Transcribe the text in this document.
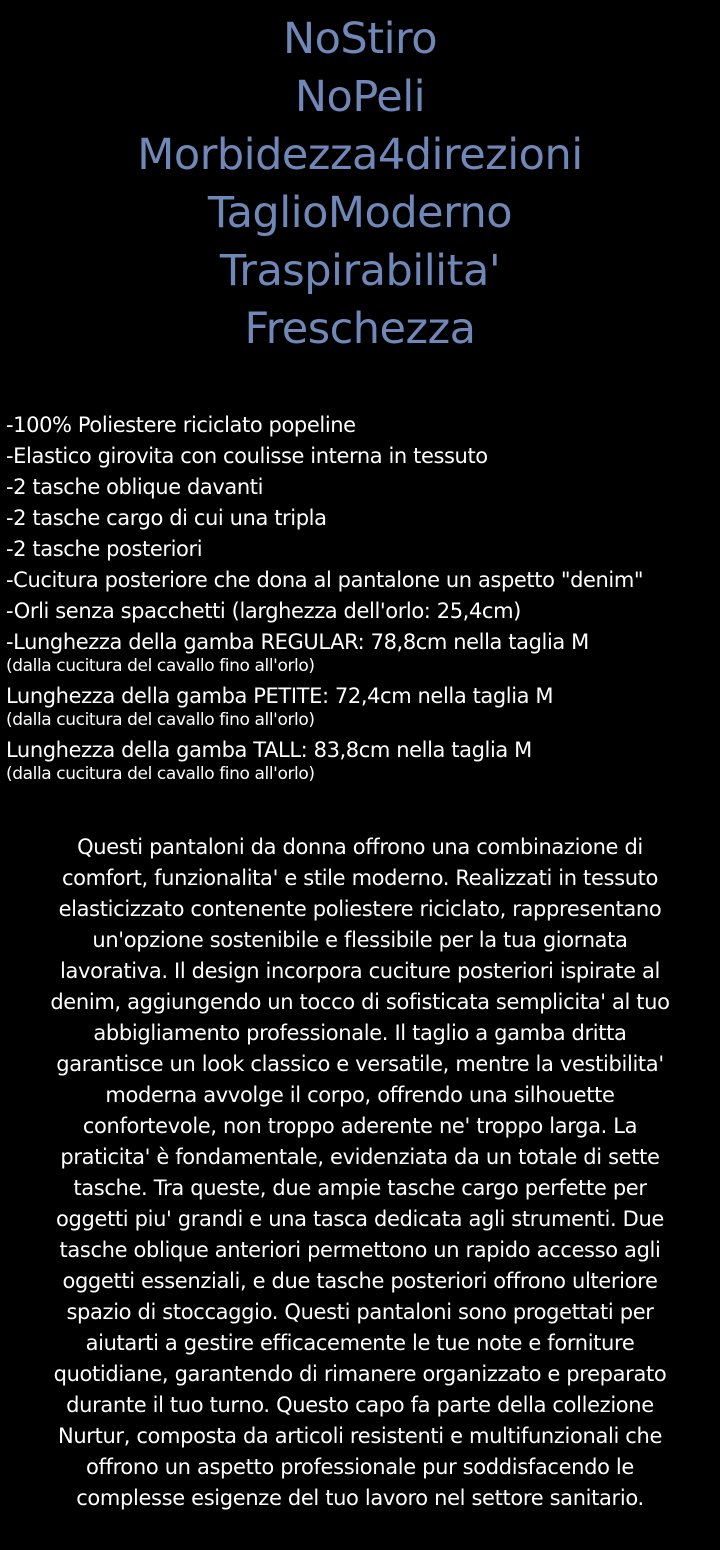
NoStiro
NoPeli
Morbidezza4direzioni
TaglioModerno
Traspirabilita'
Freschezza
-100% Poliestere riciclato popeline
-Elastico girovita con coulisse interna in tessuto
-2 tasche oblique davanti
-2 tasche cargo di cui una tripla
-2 tasche posteriori
-Cucitura posteriore che dona al pantalone un aspetto "denim"
-Orli senza spacchetti (larghezza dell'orlo: 25,4cm)
-Lunghezza della gamba REGULAR: 78,8cm nella taglia M
(dalla cucitura del cavallo fino all'orlo)
Lunghezza della gamba PETITE: 72,4cm nella taglia M
(dalla cucitura del cavallo fino all'orlo)
Lunghezza della gamba TALL: 83,8cm nella taglia M
(dalla cucitura del cavallo fino all'orlo)
Questi pantaloni da donna offrono una combinazione di
comfort, funzionalita' e stile moderno. Realizzati in tessuto
elasticizzato contenente poliestere riciclato, rappresentano
un'opzione sostenibile e flessibile per la tua giornata
lavorativa. Il design incorpora cuciture posteriori ispirate al
denim, aggiungendo un tocco di sofisticata semplicita' al tuo
abbigliamento professionale. Il taglio a gamba dritta
garantisce un look classico e versatile, mentre la vestibilita'
moderna avvolge il corpo, offrendo una silhouette
confortevole, non troppo aderente ne' troppo larga. La
praticita' è fondamentale, evidenziata da un totale di sette
tasche. Tra queste, due ampie tasche cargo perfette per
oggetti piu' grandi e una tasca dedicata agli strumenti. Due
tasche oblique anteriori permettono un rapido accesso agli
oggetti essenziali, e due tasche posteriori offrono ulteriore
spazio di stoccaggio. Questi pantaloni sono progettati per
aiutarti a gestire efficacemente le tue note e forniture
quotidiane, garantendo di rimanere organizzato e preparato
durante il tuo turno. Questo capo fa parte della collezione
Nurtur, composta da articoli resistenti e multifunzionali che
offrono un aspetto professionale pur soddisfacendo le
complesse esigenze del tuo lavoro nel settore sanitario.
